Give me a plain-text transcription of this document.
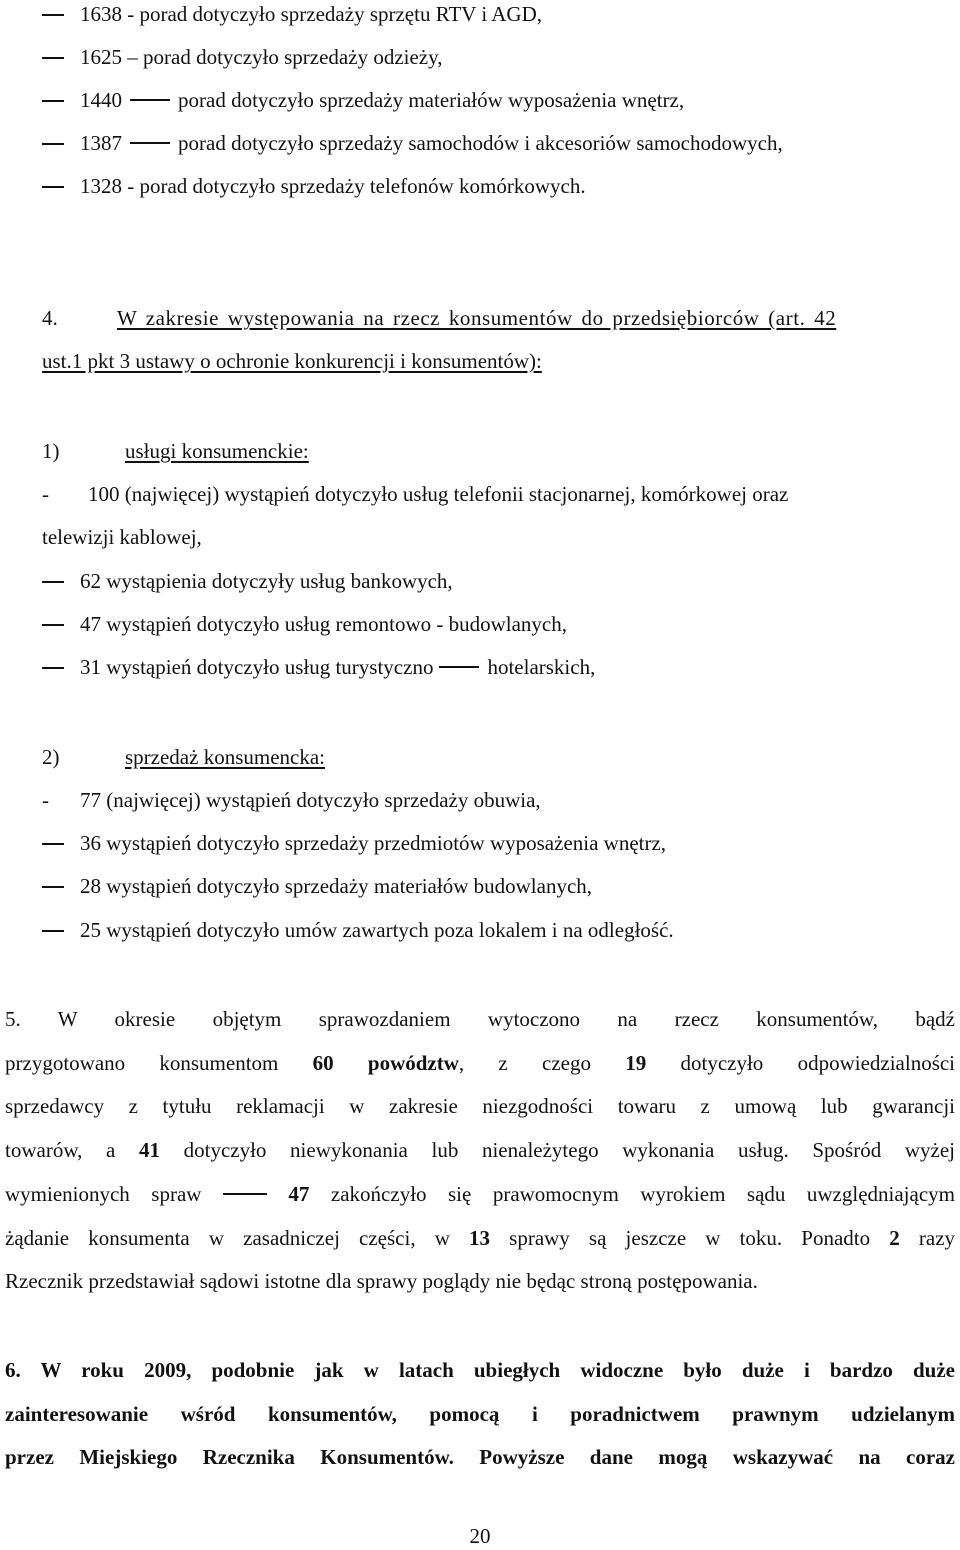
1638 - porad dotyczyło sprzedaży sprzętu RTV i AGD,
1625 – porad dotyczyło sprzedaży odzieży,
1440	porad dotyczyło sprzedaży materiałów wyposażenia wnętrz,
1387	porad dotyczyło sprzedaży samochodów i akcesoriów samochodowych,
1328 - porad dotyczyło sprzedaży telefonów komórkowych.
4.	W zakresie występowania na rzecz konsumentów do przedsiębiorców (art. 42
ust.1 pkt 3 ustawy o ochronie konkurencji i konsumentów):
1)	usługi konsumenckie:
- 100 (najwięcej) wystąpień dotyczyło usług telefonii stacjonarnej, komórkowej oraz
telewizji kablowej,
62 wystąpienia dotyczyły usług bankowych,
47 wystąpień dotyczyło usług remontowo - budowlanych,
31 wystąpień dotyczyło usług turystyczno	hotelarskich,
2)	sprzedaż konsumencka:
- 77 (najwięcej) wystąpień dotyczyło sprzedaży obuwia,
36 wystąpień dotyczyło sprzedaży przedmiotów wyposażenia wnętrz,
28 wystąpień dotyczyło sprzedaży materiałów budowlanych,
25 wystąpień dotyczyło umów zawartych poza lokalem i na odległość.
5. W okresie objętym sprawozdaniem wytoczono na rzecz konsumentów, bądź
przygotowano konsumentom 60 powództw, z czego 19 dotyczyło odpowiedzialności
sprzedawcy z tytułu reklamacji w zakresie niezgodności towaru z umową lub gwarancji
towarów, a 41 dotyczyło niewykonania lub nienależytego wykonania usług. Spośród wyżej
wymienionych spraw	47 zakończyło się prawomocnym wyrokiem sądu uwzględniającym
żądanie konsumenta w zasadniczej części, w 13 sprawy są jeszcze w toku. Ponadto 2 razy
Rzecznik przedstawiał sądowi istotne dla sprawy poglądy nie będąc stroną postępowania.
6. W roku 2009, podobnie jak w latach ubiegłych widoczne było duże i bardzo duże
zainteresowanie wśród konsumentów, pomocą i poradnictwem prawnym udzielanym
przez Miejskiego Rzecznika Konsumentów. Powyższe dane mogą wskazywać na coraz
20
